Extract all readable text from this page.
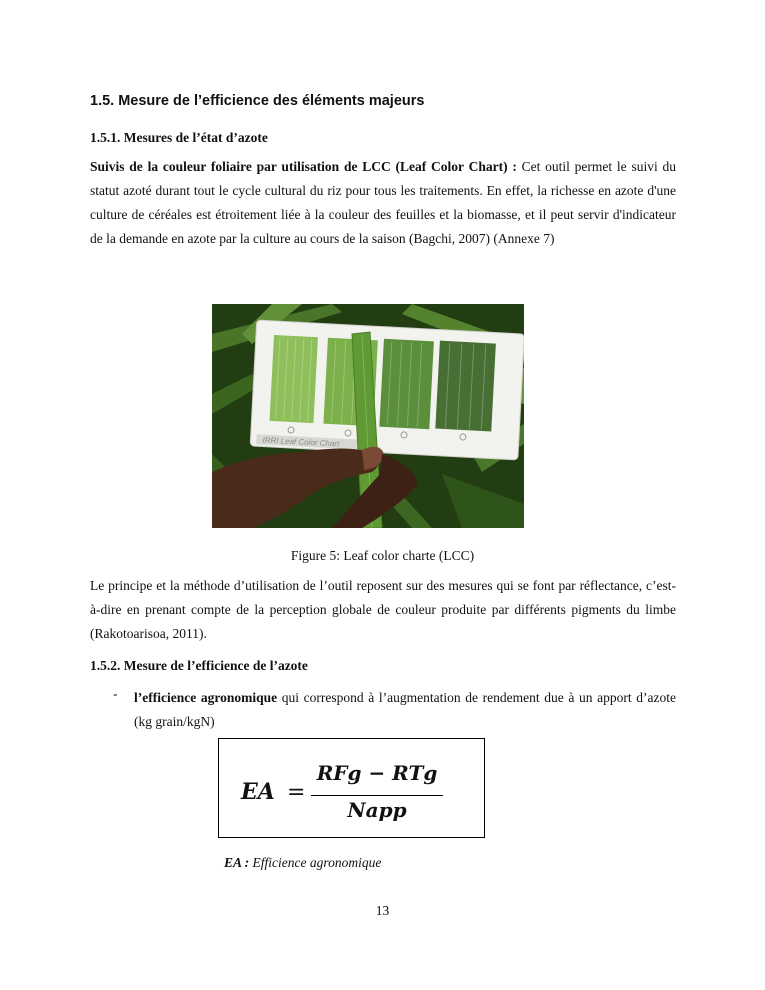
1.5. Mesure de l’efficience des éléments majeurs
1.5.1. Mesures de l’état d’azote
Suivis de la couleur foliaire par utilisation de LCC (Leaf Color Chart) : Cet outil permet le suivi du statut azoté durant tout le cycle cultural du riz pour tous les traitements. En effet, la richesse en azote d'une culture de céréales est étroitement liée à la couleur des feuilles et la biomasse, et il peut servir d'indicateur de la demande en azote par la culture au cours de la saison (Bagchi, 2007) (Annexe 7)
IRRI Leaf Color Chart
Figure 5: Leaf color charte (LCC)
Le principe et la méthode d’utilisation de l’outil reposent sur des mesures qui se font par réflectance, c’est-à-dire en prenant compte de la perception globale de couleur produite par différents pigments du limbe (Rakotoarisoa, 2011).
1.5.2. Mesure de l’efficience de l’azote
- l’efficience agronomique qui correspond à l’augmentation de rendement due à un apport d’azote (kg grain/kgN)
EA =
RFg − RTg
Napp
EA : Efficience agronomique
13
